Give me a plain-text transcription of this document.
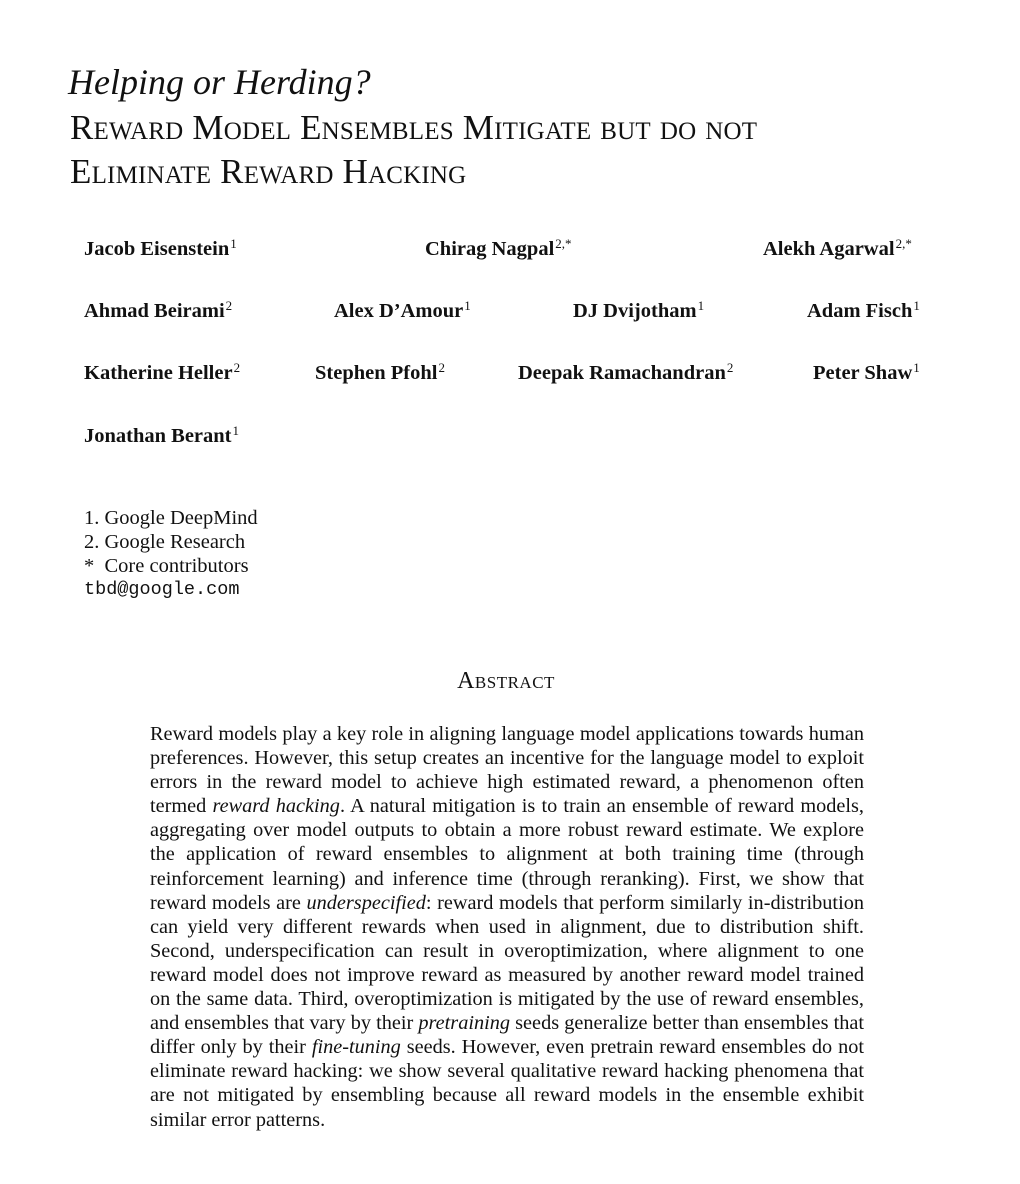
Helping or Herding?
Reward Model Ensembles Mitigate but do not
Eliminate Reward Hacking
Jacob Eisenstein$^1$	Chirag Nagpal$^{2,*}$	Alekh Agarwal$^{2,*}$
Ahmad Beirami$^2$	Alex D’Amour$^1$	DJ Dvijotham$^1$	Adam Fisch$^1$
Katherine Heller$^2$	Stephen Pfohl$^2$	Deepak Ramachandran$^2$	Peter Shaw$^1$
Jonathan Berant$^1$
1. Google DeepMind
2. Google Research
*  Core contributors
tbd@google.com
Abstract

Reward models play a key role in aligning language model applications towards human preferences. However, this setup creates an incentive for the language model to exploit errors in the reward model to achieve high estimated reward, a phenomenon often termed reward hacking. A natural mitigation is to train an ensemble of reward models, aggregating over model outputs to obtain a more robust reward estimate. We explore the application of reward ensembles to alignment at both training time (through reinforcement learning) and inference time (through reranking). First, we show that reward models are underspecified: reward models that perform similarly in-distribution can yield very different rewards when used in alignment, due to distribution shift. Second, underspecification can result in overoptimization, where alignment to one reward model does not improve reward as measured by another reward model trained on the same data. Third, overoptimization is mitigated by the use of reward ensembles, and ensembles that vary by their pretraining seeds generalize better than ensembles that differ only by their fine-tuning seeds. However, even pretrain reward ensembles do not eliminate reward hacking: we show several qualitative reward hacking phenomena that are not mitigated by ensembling because all reward models in the ensemble exhibit similar error patterns.
